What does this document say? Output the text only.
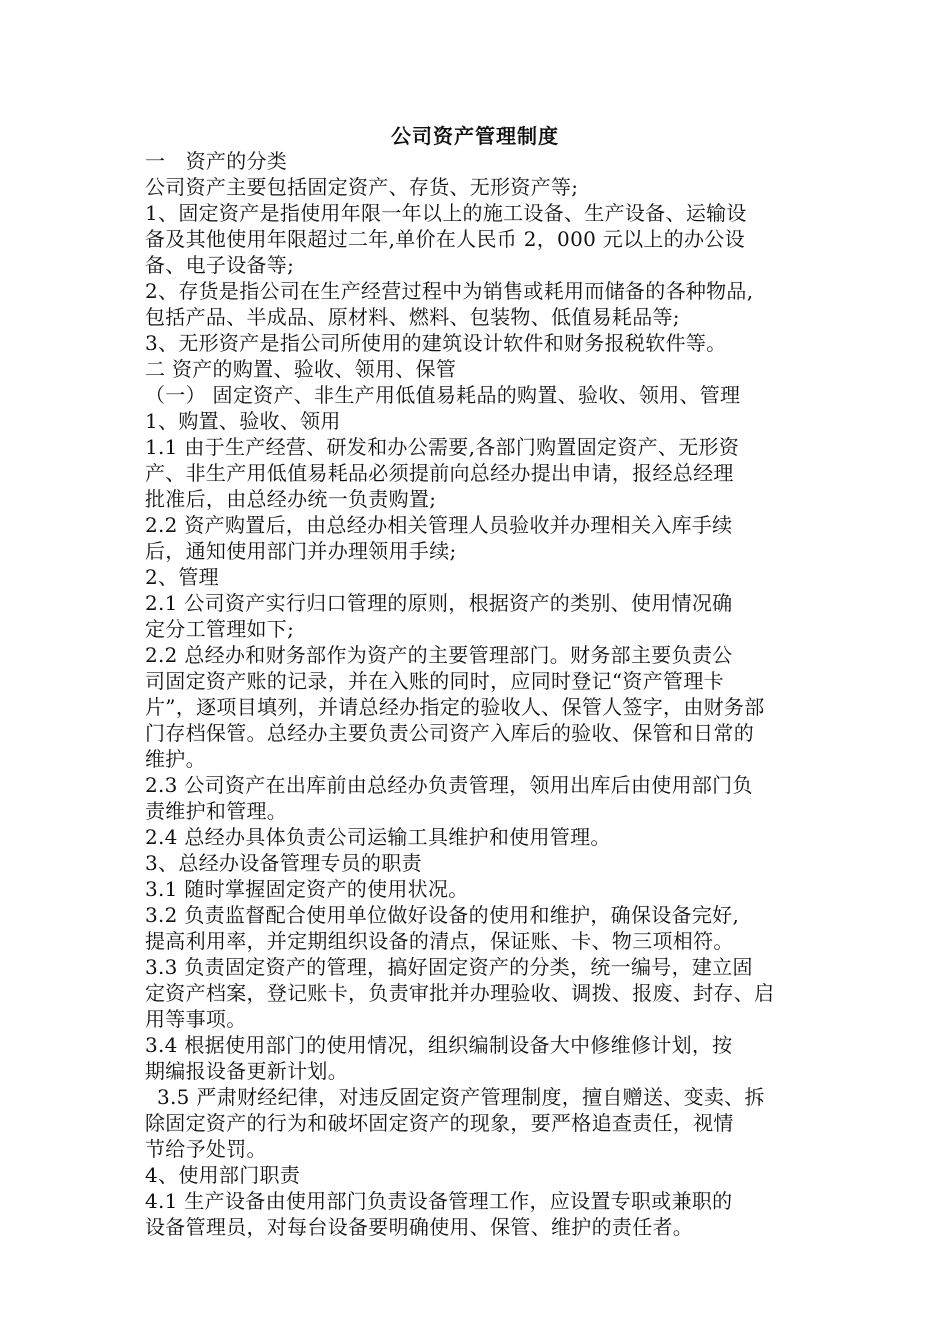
公司资产管理制度
一　资产的分类
公司资产主要包括固定资产、存货、无形资产等;
1、固定资产是指使用年限一年以上的施工设备、生产设备、运输设
备及其他使用年限超过二年,单价在人民币 2，000 元以上的办公设
备、电子设备等;
2、存货是指公司在生产经营过程中为销售或耗用而储备的各种物品,
包括产品、半成品、原材料、燃料、包装物、低值易耗品等;
3、无形资产是指公司所使用的建筑设计软件和财务报税软件等。
二 资产的购置、验收、领用、保管
（一） 固定资产、非生产用低值易耗品的购置、验收、领用、管理
1、购置、验收、领用
1.1 由于生产经营、研发和办公需要,各部门购置固定资产、无形资
产、非生产用低值易耗品必须提前向总经办提出申请，报经总经理
批准后，由总经办统一负责购置;
2.2 资产购置后，由总经办相关管理人员验收并办理相关入库手续
后，通知使用部门并办理领用手续;
2、管理
2.1 公司资产实行归口管理的原则，根据资产的类别、使用情况确
定分工管理如下;
2.2 总经办和财务部作为资产的主要管理部门。财务部主要负责公
司固定资产账的记录，并在入账的同时，应同时登记“资产管理卡
片”，逐项目填列，并请总经办指定的验收人、保管人签字，由财务部
门存档保管。总经办主要负责公司资产入库后的验收、保管和日常的
维护。
2.3 公司资产在出库前由总经办负责管理，领用出库后由使用部门负
责维护和管理。
2.4 总经办具体负责公司运输工具维护和使用管理。
3、总经办设备管理专员的职责
3.1 随时掌握固定资产的使用状况。
3.2 负责监督配合使用单位做好设备的使用和维护，确保设备完好,
提高利用率，并定期组织设备的清点，保证账、卡、物三项相符。
3.3 负责固定资产的管理，搞好固定资产的分类，统一编号，建立固
定资产档案，登记账卡，负责审批并办理验收、调拨、报废、封存、启
用等事项。
3.4 根据使用部门的使用情况，组织编制设备大中修维修计划，按
期编报设备更新计划。
3.5 严肃财经纪律，对违反固定资产管理制度，擅自赠送、变卖、拆
除固定资产的行为和破坏固定资产的现象，要严格追查责任，视情
节给予处罚。
4、使用部门职责
4.1 生产设备由使用部门负责设备管理工作，应设置专职或兼职的
设备管理员，对每台设备要明确使用、保管、维护的责任者。
